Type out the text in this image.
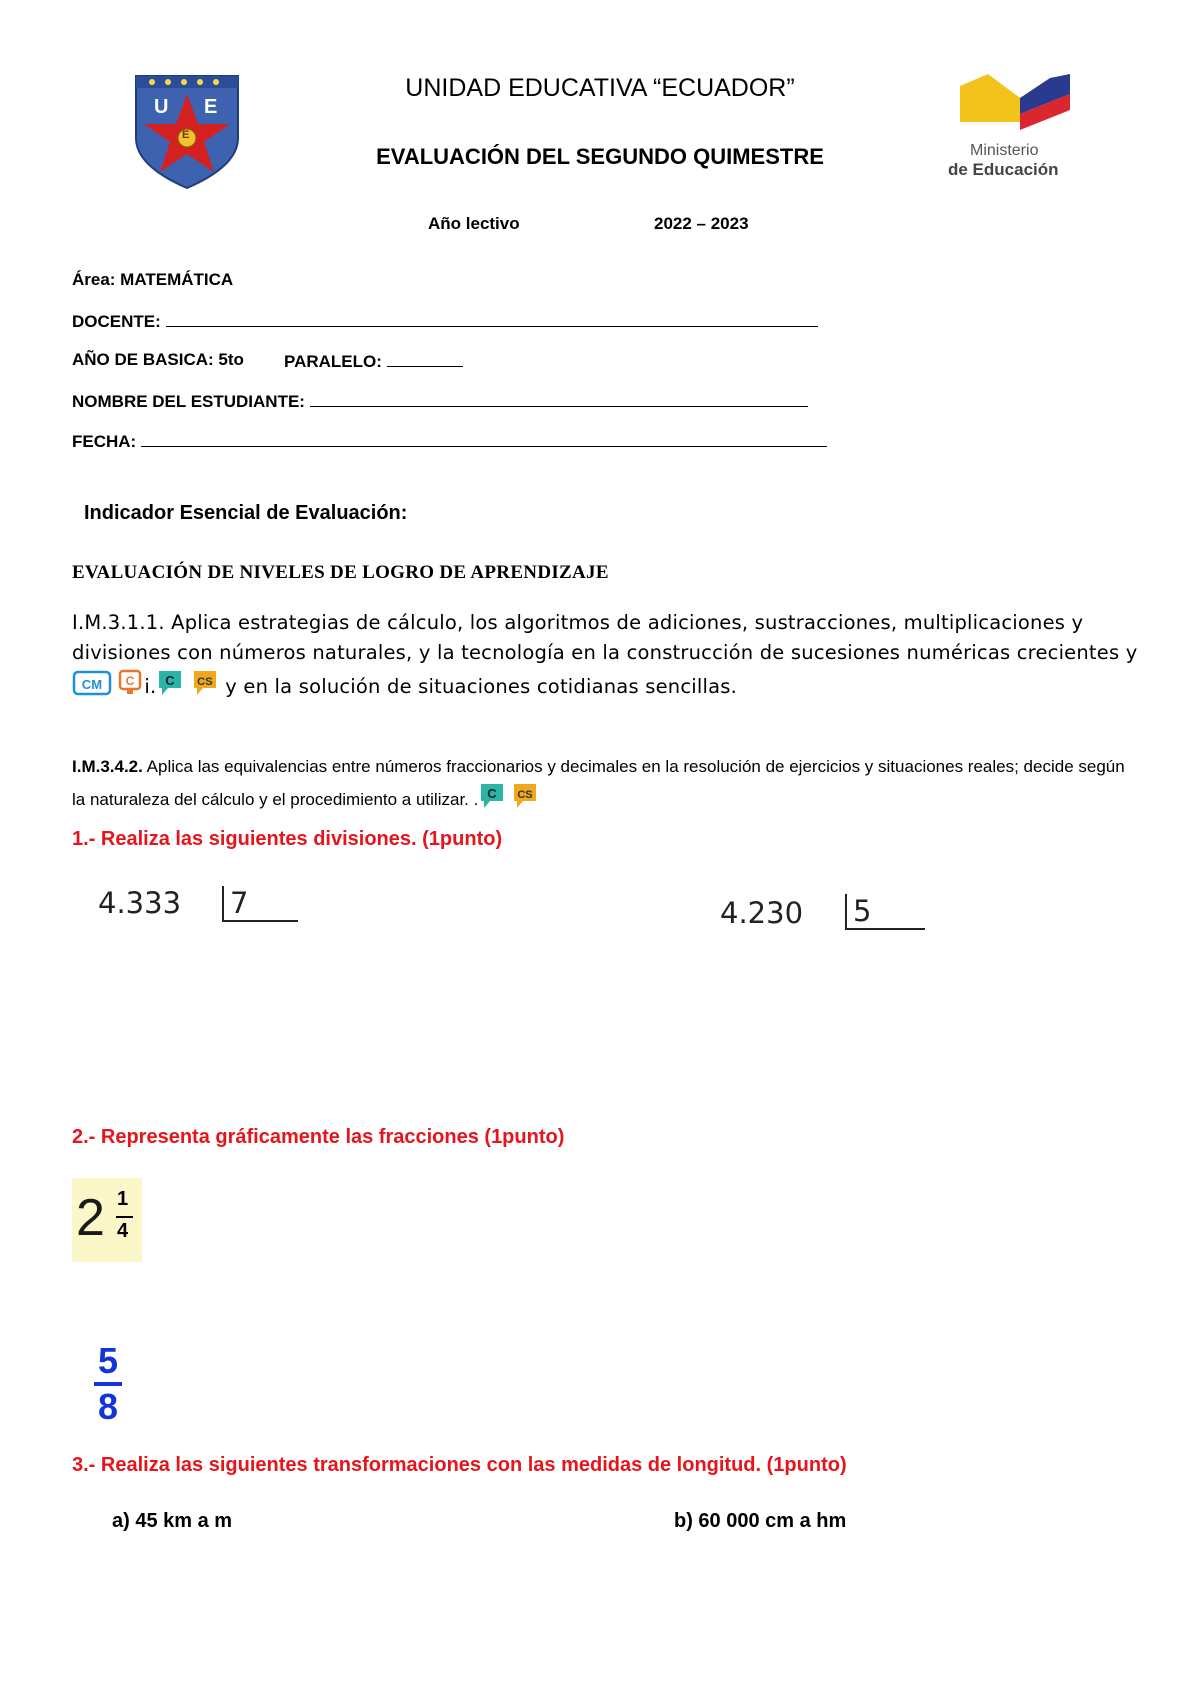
U E
E
UNIDAD EDUCATIVA “ECUADOR”
EVALUACIÓN DEL SEGUNDO QUIMESTRE	Ministerio
de Educación
Año lectivo	2022 – 2023
Área: MATEMÁTICA
DOCENTE:
AÑO DE BASICA: 5to PARALELO:
NOMBRE DEL ESTUDIANTE:
FECHA:
Indicador Esencial de Evaluación:
EVALUACIÓN DE NIVELES DE LOGRO DE APRENDIZAJE
I.M.3.1.1. Aplica estrategias de cálculo, los algoritmos de adiciones, sustracciones, multiplicaciones y divisiones con números naturales, y la tecnología en la construcción de sucesiones numéricas crecientes y
CM
C i. C
CS y en la solución de situaciones cotidianas sencillas.
I.M.3.4.2. Aplica las equivalencias entre números fraccionarios y decimales en la resolución de ejercicios y situaciones reales; decide según la naturaleza del cálculo y el procedimiento a utilizar. . C
CS
1.- Realiza las siguientes divisiones. (1punto)
4.333 7	4.230 5
2.- Representa gráficamente las fracciones (1punto)
2 1
4
5
8
3.- Realiza las siguientes transformaciones con las medidas de longitud. (1punto)
a) 45 km a m	b) 60 000 cm a hm
